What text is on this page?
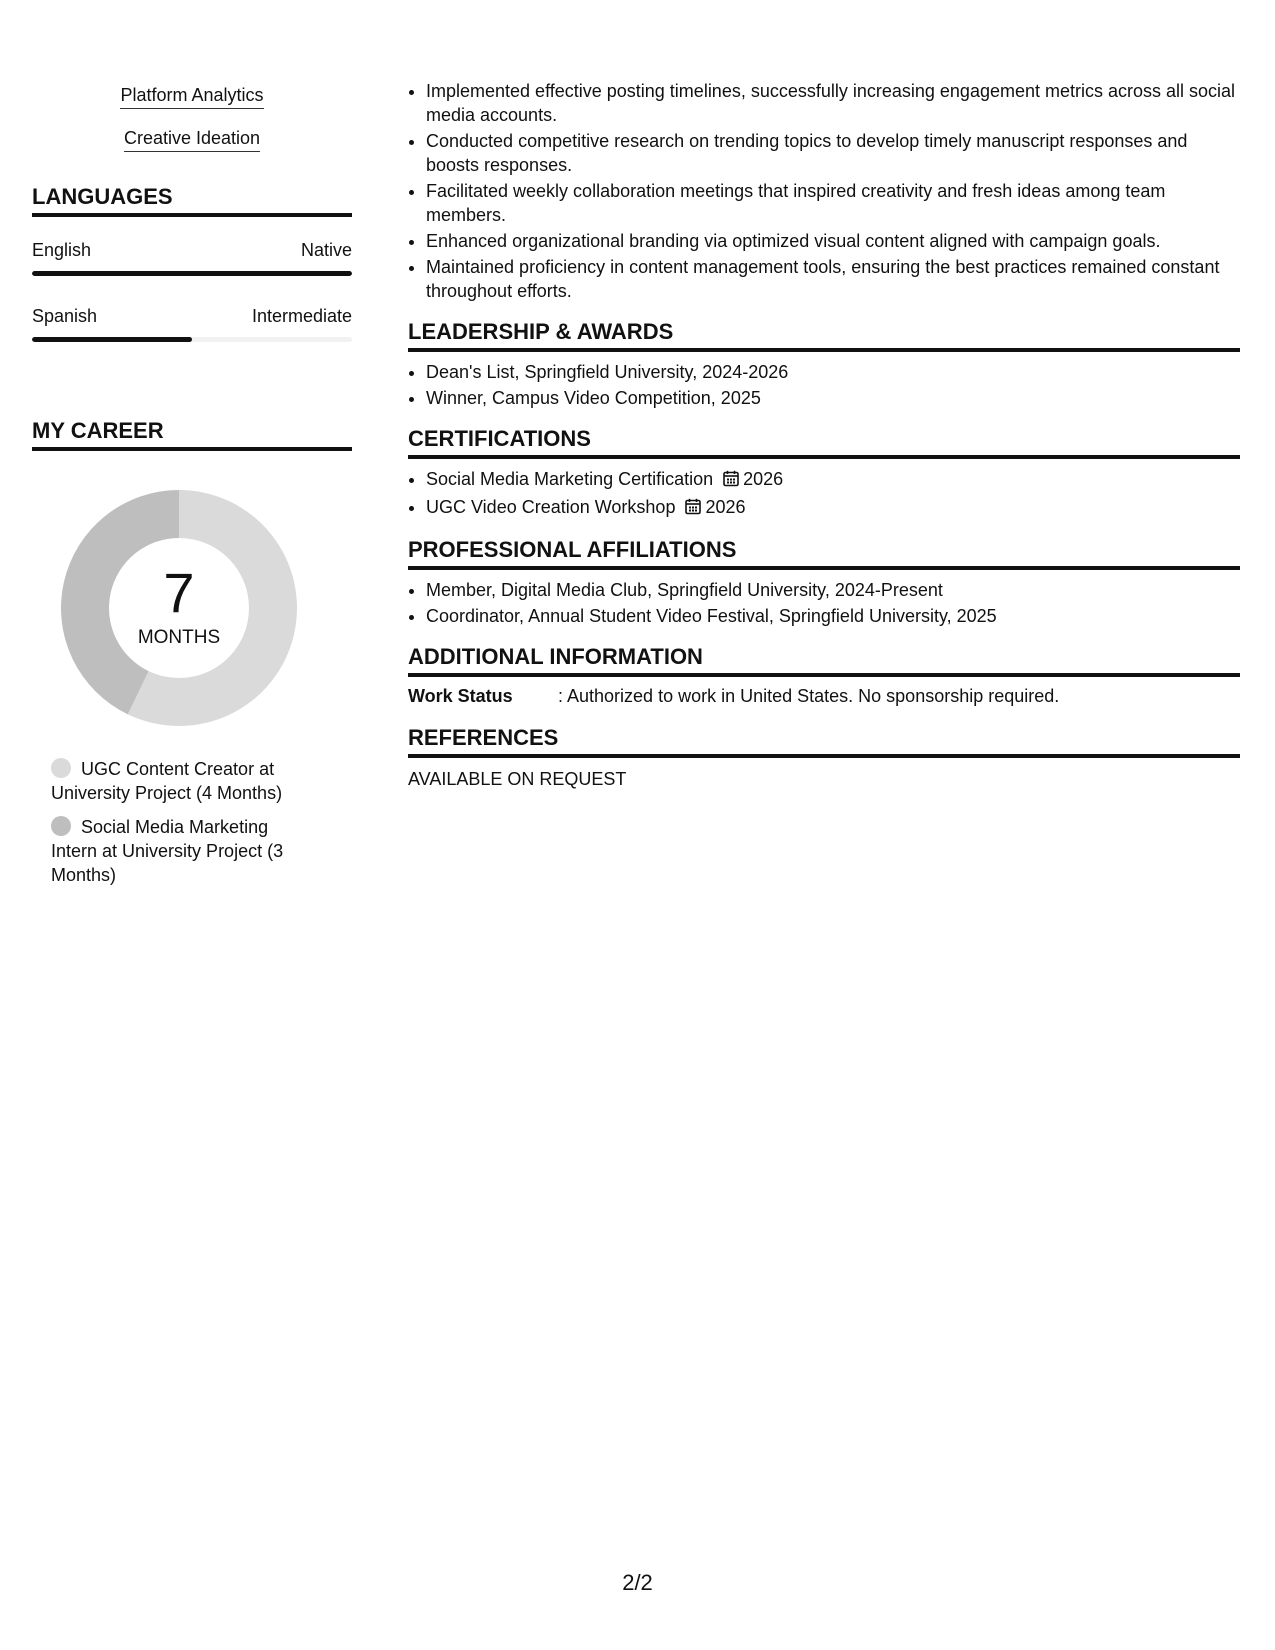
Platform Analytics
Creative Ideation
LANGUAGES
English	Native
Spanish	Intermediate
MY CAREER
7
MONTHS
UGC Content Creator at University Project (4 Months)
Social Media Marketing Intern at University Project (3 Months)
• Implemented effective posting timelines, successfully increasing engagement metrics across all social media accounts.
• Conducted competitive research on trending topics to develop timely manuscript responses and boosts responses.
• Facilitated weekly collaboration meetings that inspired creativity and fresh ideas among team members.
• Enhanced organizational branding via optimized visual content aligned with campaign goals.
• Maintained proficiency in content management tools, ensuring the best practices remained constant throughout efforts.
LEADERSHIP & AWARDS
• Dean's List, Springfield University, 2024-2026
• Winner, Campus Video Competition, 2025
CERTIFICATIONS
• Social Media Marketing Certification 2026
• UGC Video Creation Workshop 2026
PROFESSIONAL AFFILIATIONS
• Member, Digital Media Club, Springfield University, 2024-Present
• Coordinator, Annual Student Video Festival, Springfield University, 2025
ADDITIONAL INFORMATION
Work Status	: Authorized to work in United States. No sponsorship required.
REFERENCES
AVAILABLE ON REQUEST
2/2
